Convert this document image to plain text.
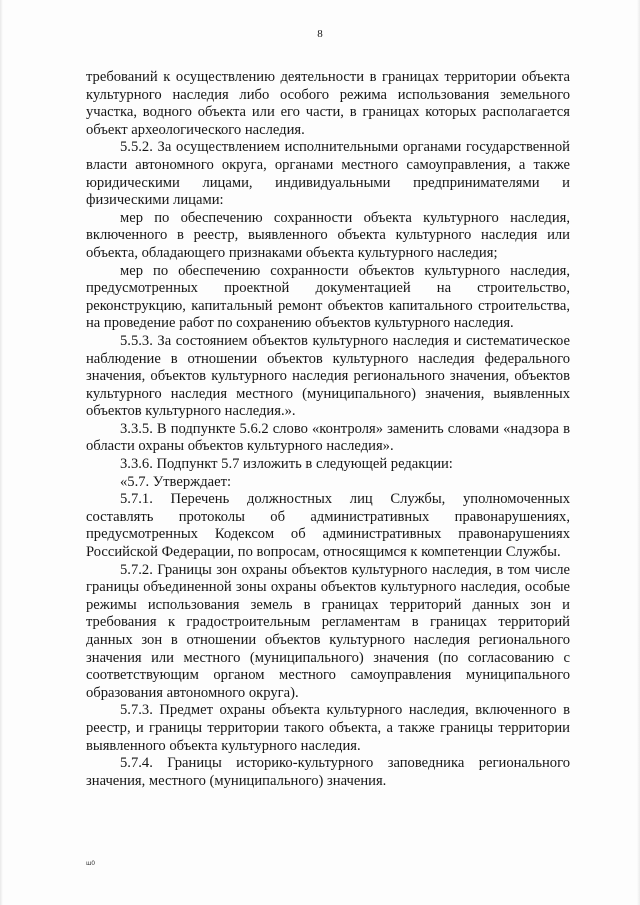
8

требований к осуществлению деятельности в границах территории объекта культурного наследия либо особого режима использования земельного участка, водного объекта или его части, в границах которых располагается объект археологического наследия.

5.5.2. За осуществлением исполнительными органами государственной власти автономного округа, органами местного самоуправления, а также юридическими лицами, индивидуальными предпринимателями и физическими лицами:

мер по обеспечению сохранности объекта культурного наследия, включенного в реестр, выявленного объекта культурного наследия или объекта, обладающего признаками объекта культурного наследия;

мер по обеспечению сохранности объектов культурного наследия, предусмотренных проектной документацией на строительство, реконструкцию, капитальный ремонт объектов капитального строительства, на проведение работ по сохранению объектов культурного наследия.

5.5.3. За состоянием объектов культурного наследия и систематическое наблюдение в отношении объектов культурного наследия федерального значения, объектов культурного наследия регионального значения, объектов культурного наследия местного (муниципального) значения, выявленных объектов культурного наследия.».

3.3.5. В подпункте 5.6.2 слово «контроля» заменить словами «надзора в области охраны объектов культурного наследия».

3.3.6. Подпункт 5.7 изложить в следующей редакции:

«5.7. Утверждает:

5.7.1. Перечень должностных лиц Службы, уполномоченных составлять протоколы об административных правонарушениях, предусмотренных Кодексом об административных правонарушениях Российской Федерации, по вопросам, относящимся к компетенции Службы.

5.7.2. Границы зон охраны объектов культурного наследия, в том числе границы объединенной зоны охраны объектов культурного наследия, особые режимы использования земель в границах территорий данных зон и требования к градостроительным регламентам в границах территорий данных зон в отношении объектов культурного наследия регионального значения или местного (муниципального) значения (по согласованию с соответствующим органом местного самоуправления муниципального образования автономного округа).

5.7.3. Предмет охраны объекта культурного наследия, включенного в реестр, и границы территории такого объекта, а также границы территории выявленного объекта культурного наследия.

5.7.4. Границы историко-культурного заповедника регионального значения, местного (муниципального) значения.

ш0
